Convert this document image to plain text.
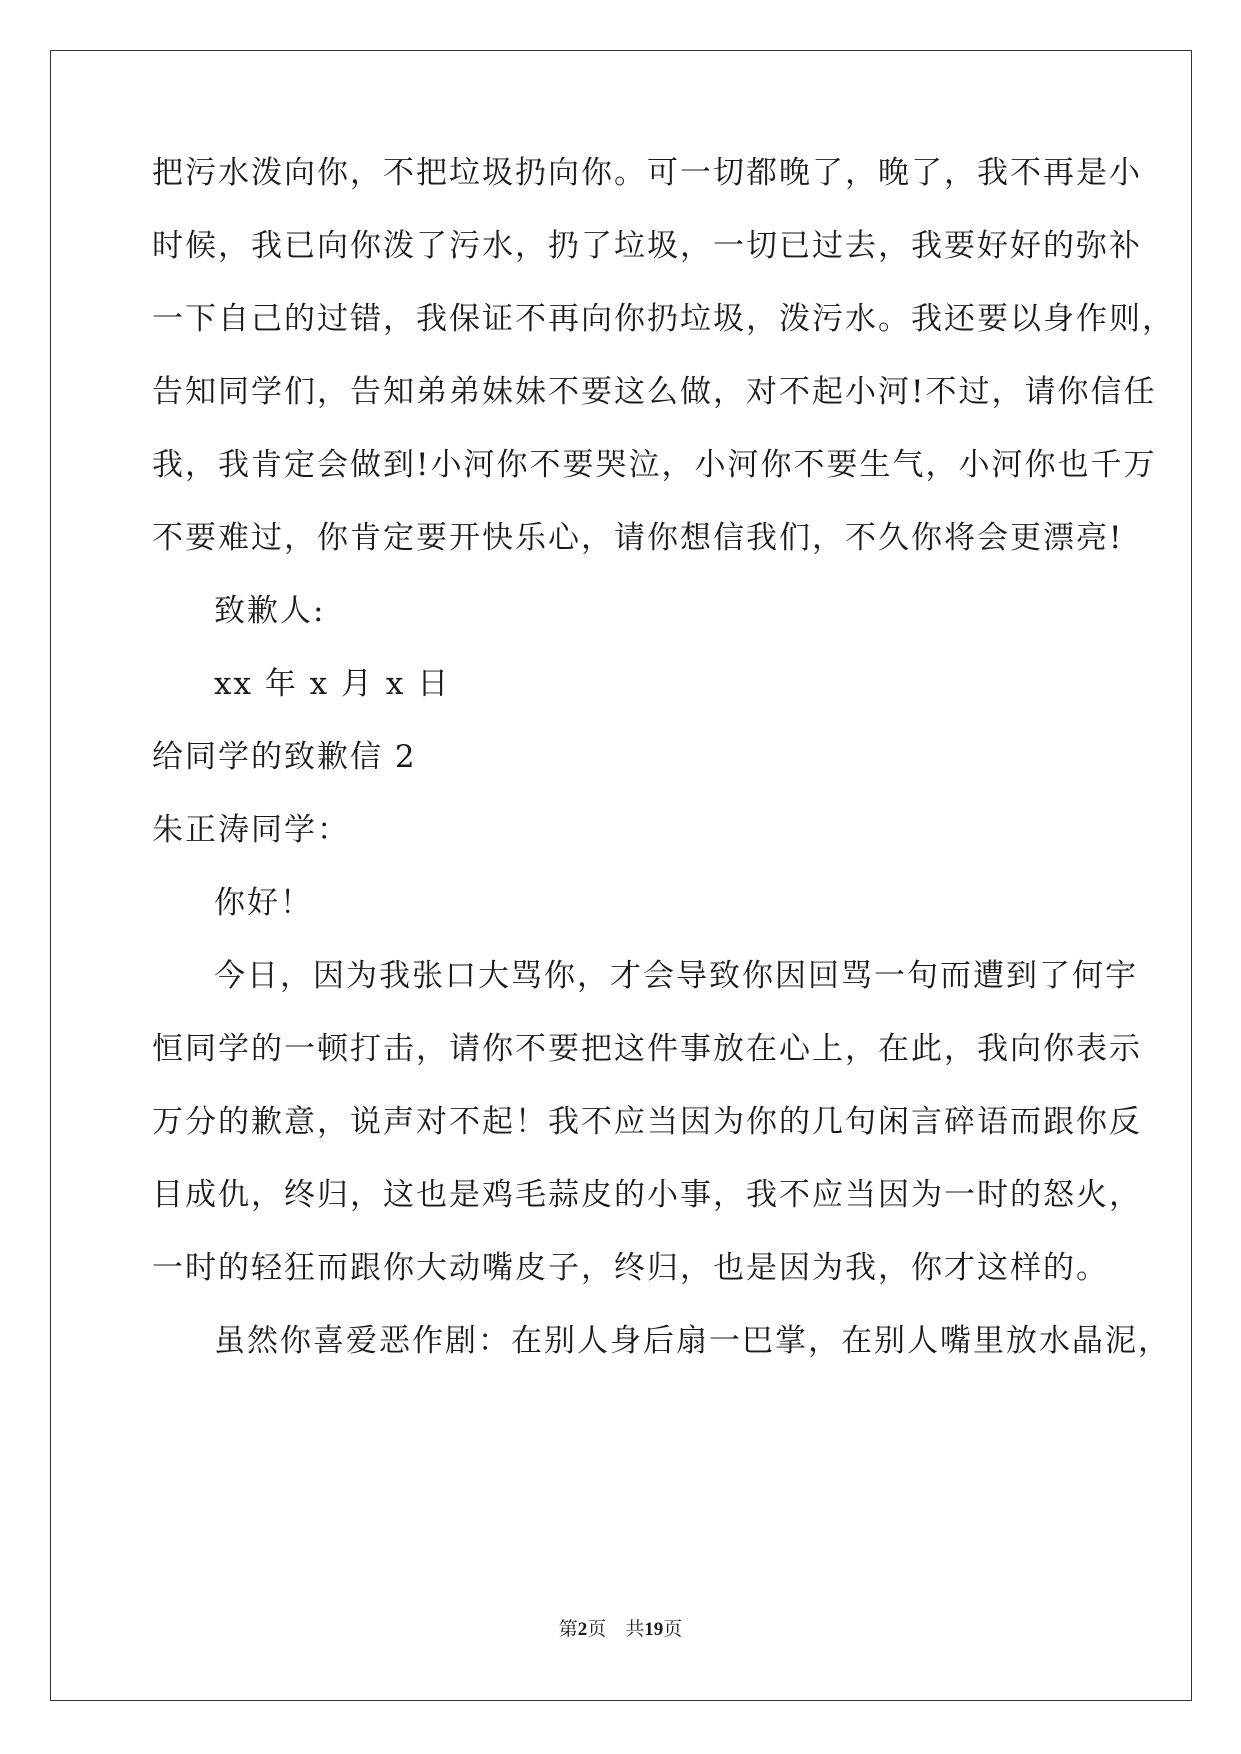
把污水泼向你，不把垃圾扔向你。可一切都晚了，晚了，我不再是小
时候，我已向你泼了污水，扔了垃圾，一切已过去，我要好好的弥补
一下自己的过错，我保证不再向你扔垃圾，泼污水。我还要以身作则，
告知同学们，告知弟弟妹妹不要这么做，对不起小河!不过，请你信任
我，我肯定会做到!小河你不要哭泣，小河你不要生气，小河你也千万
不要难过，你肯定要开快乐心，请你想信我们，不久你将会更漂亮!
致歉人:
xx 年 x 月 x 日
给同学的致歉信 2
朱正涛同学：
你好！
今日，因为我张口大骂你，才会导致你因回骂一句而遭到了何宇
恒同学的一顿打击，请你不要把这件事放在心上，在此，我向你表示
万分的歉意，说声对不起！我不应当因为你的几句闲言碎语而跟你反
目成仇，终归，这也是鸡毛蒜皮的小事，我不应当因为一时的怒火，
一时的轻狂而跟你大动嘴皮子，终归，也是因为我，你才这样的。
虽然你喜爱恶作剧：在别人身后扇一巴掌，在别人嘴里放水晶泥，
第2页 共19页
